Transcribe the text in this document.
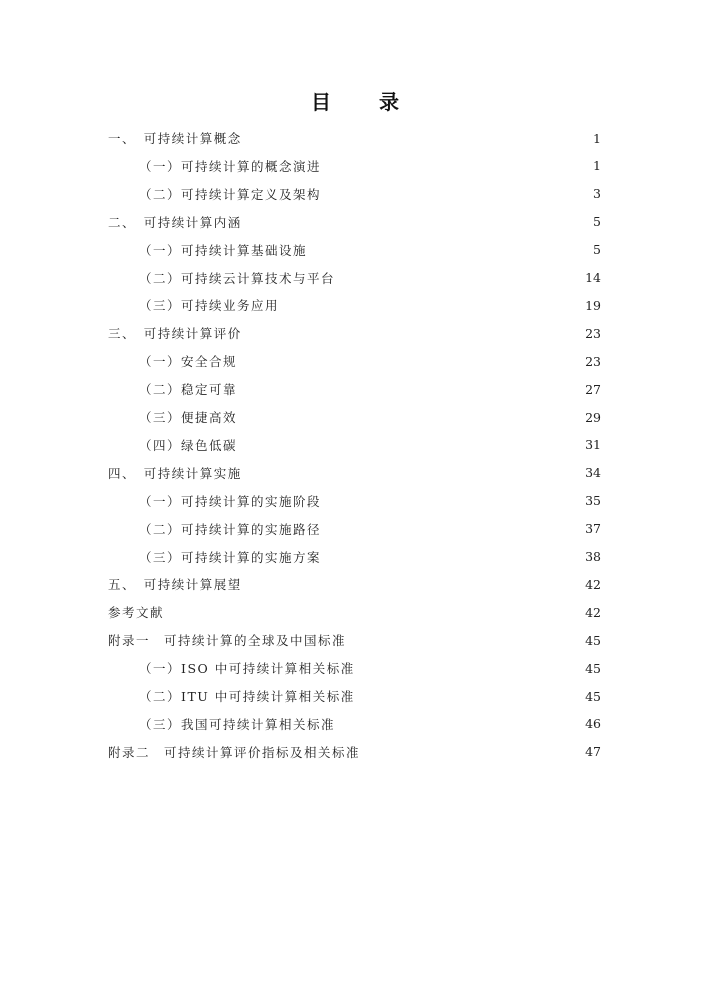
目　录
一、　可持续计算概念	1
（一）可持续计算的概念演进	1
（二）可持续计算定义及架构	3
二、　可持续计算内涵	5
（一）可持续计算基础设施	5
（二）可持续云计算技术与平台	14
（三）可持续业务应用	19
三、　可持续计算评价	23
（一）安全合规	23
（二）稳定可靠	27
（三）便捷高效	29
（四）绿色低碳	31
四、　可持续计算实施	34
（一）可持续计算的实施阶段	35
（二）可持续计算的实施路径	37
（三）可持续计算的实施方案	38
五、　可持续计算展望	42
参考文献	42
附录一　可持续计算的全球及中国标准	45
（一）ISO 中可持续计算相关标准	45
（二）ITU 中可持续计算相关标准	45
（三）我国可持续计算相关标准	46
附录二　可持续计算评价指标及相关标准	47
